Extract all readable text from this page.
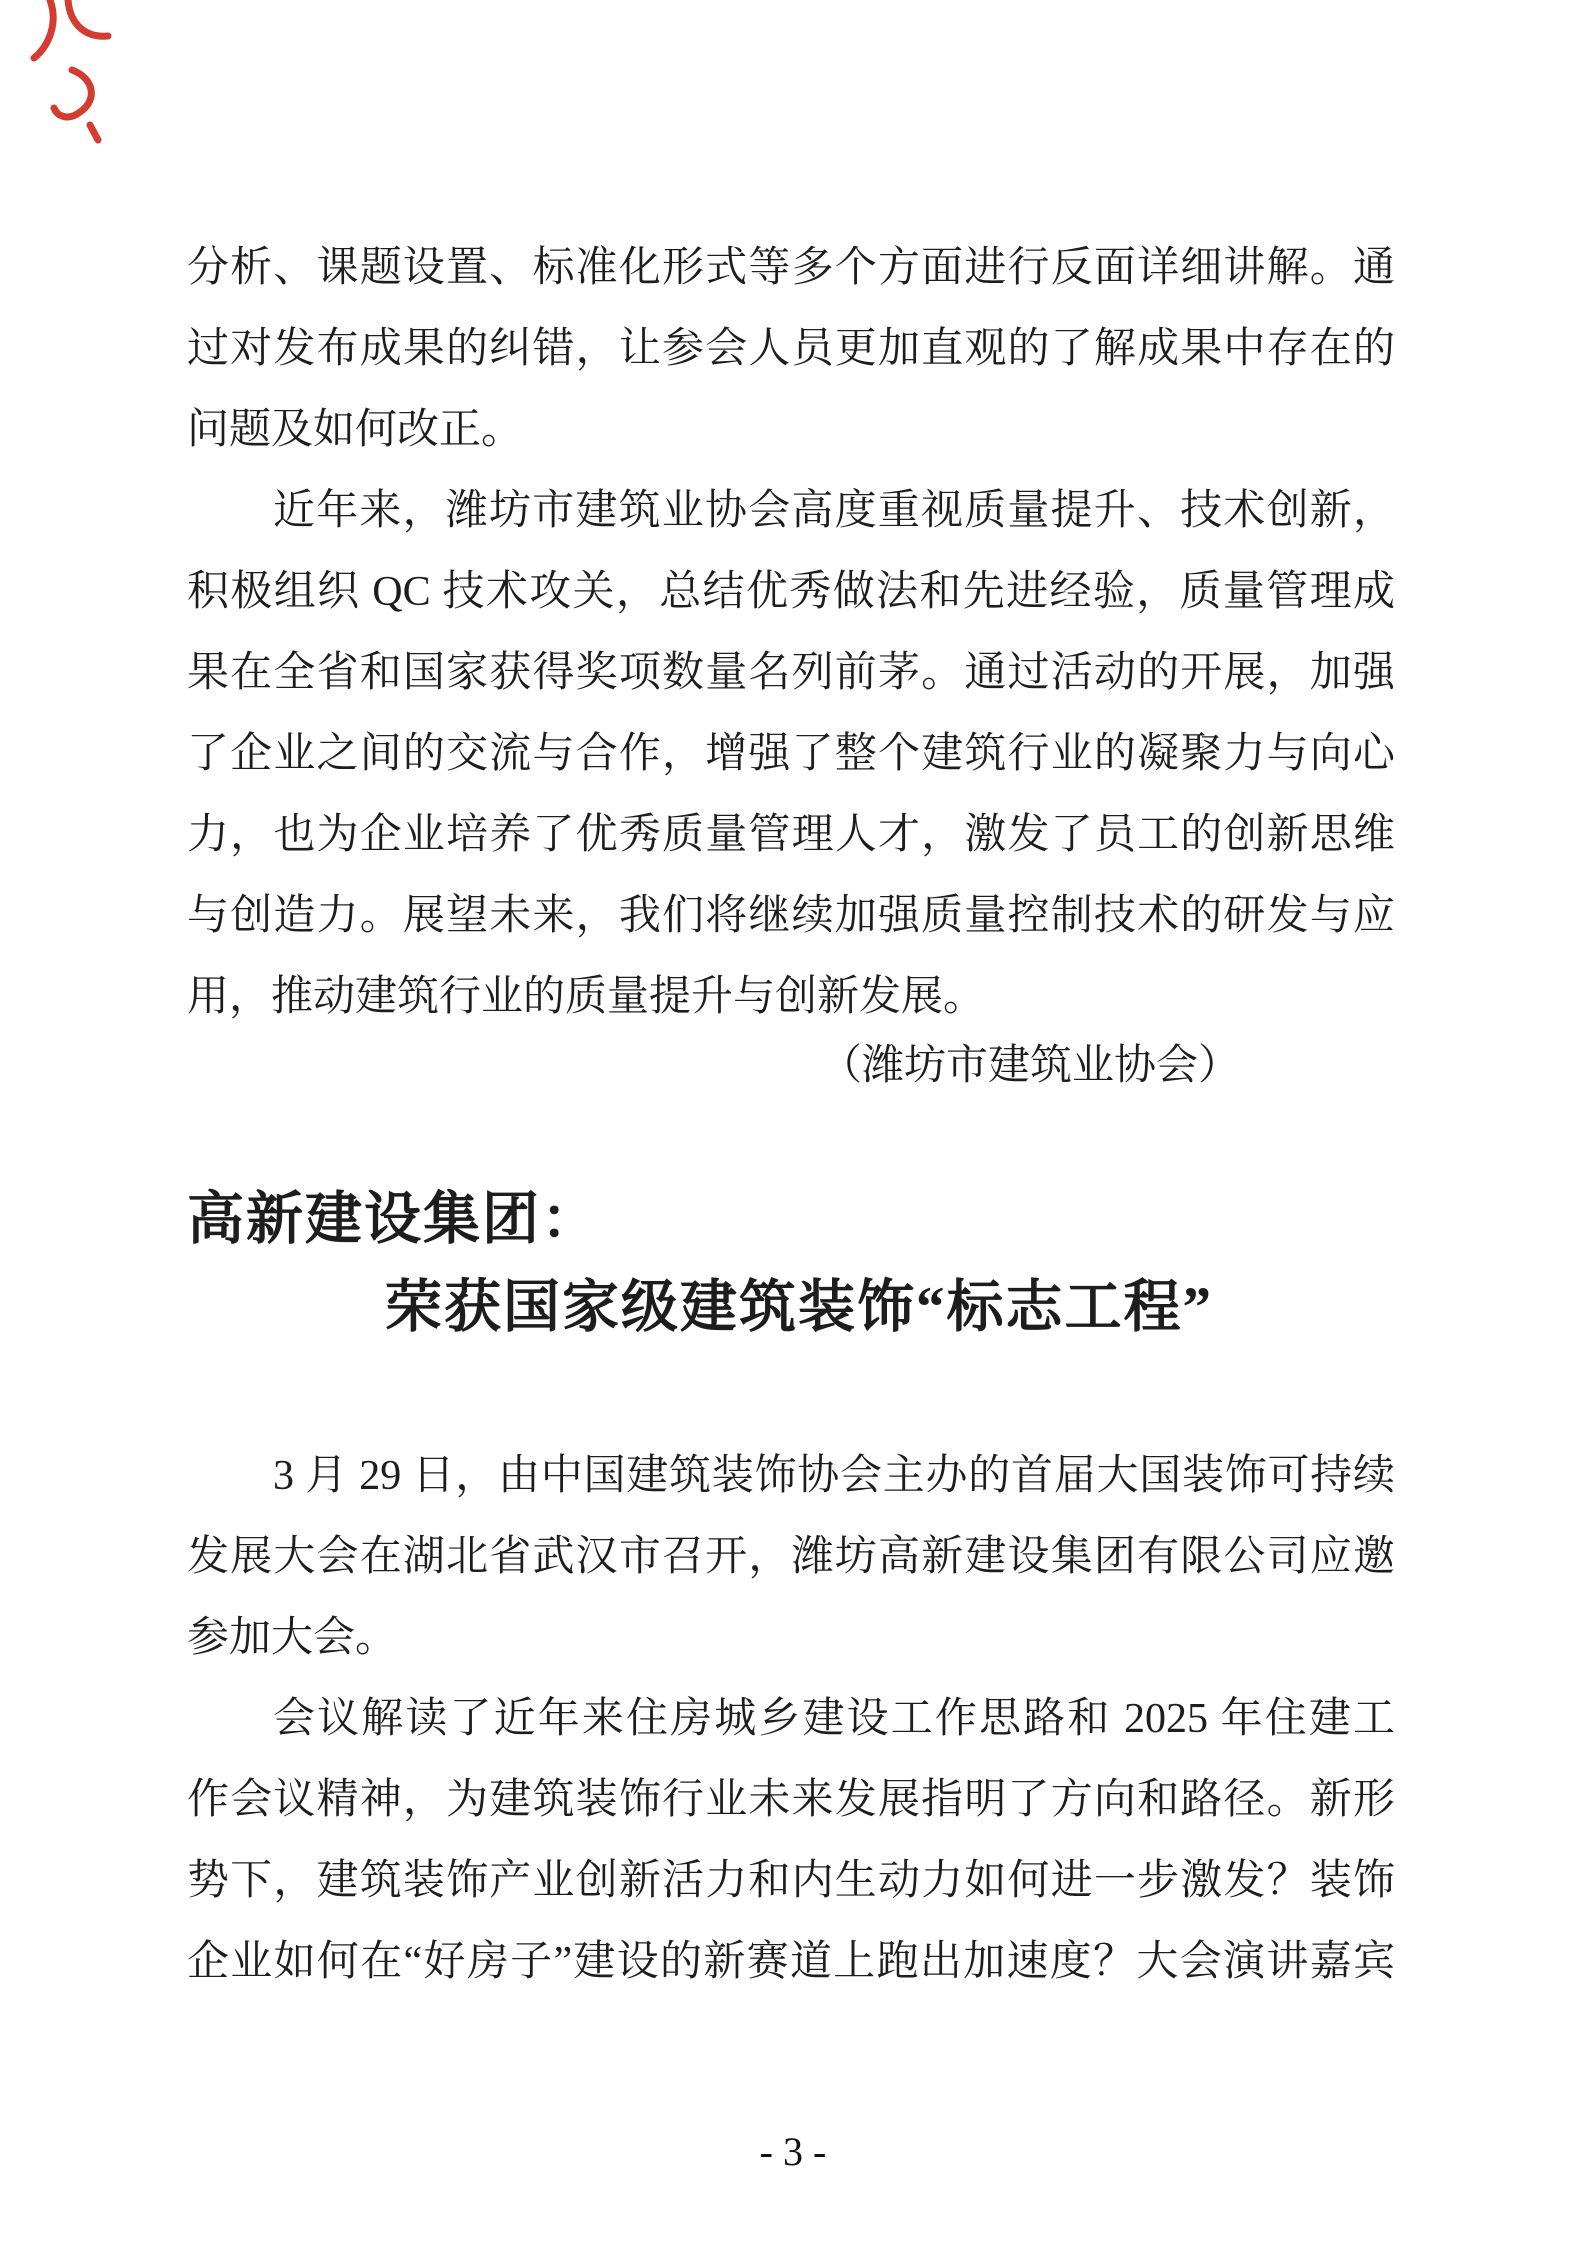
分析、课题设置、标准化形式等多个方面进行反面详细讲解。通
过对发布成果的纠错，让参会人员更加直观的了解成果中存在的
问题及如何改正。
近年来，潍坊市建筑业协会高度重视质量提升、技术创新，
积极组织 QC 技术攻关，总结优秀做法和先进经验，质量管理成
果在全省和国家获得奖项数量名列前茅。通过活动的开展，加强
了企业之间的交流与合作，增强了整个建筑行业的凝聚力与向心
力，也为企业培养了优秀质量管理人才，激发了员工的创新思维
与创造力。展望未来，我们将继续加强质量控制技术的研发与应
用，推动建筑行业的质量提升与创新发展。
（潍坊市建筑业协会）
高新建设集团：
荣获国家级建筑装饰“标志工程”
3 月 29 日，由中国建筑装饰协会主办的首届大国装饰可持续
发展大会在湖北省武汉市召开，潍坊高新建设集团有限公司应邀
参加大会。
会议解读了近年来住房城乡建设工作思路和 2025 年住建工
作会议精神，为建筑装饰行业未来发展指明了方向和路径。新形
势下，建筑装饰产业创新活力和内生动力如何进一步激发？装饰
企业如何在“好房子”建设的新赛道上跑出加速度？大会演讲嘉宾
- 3 -
